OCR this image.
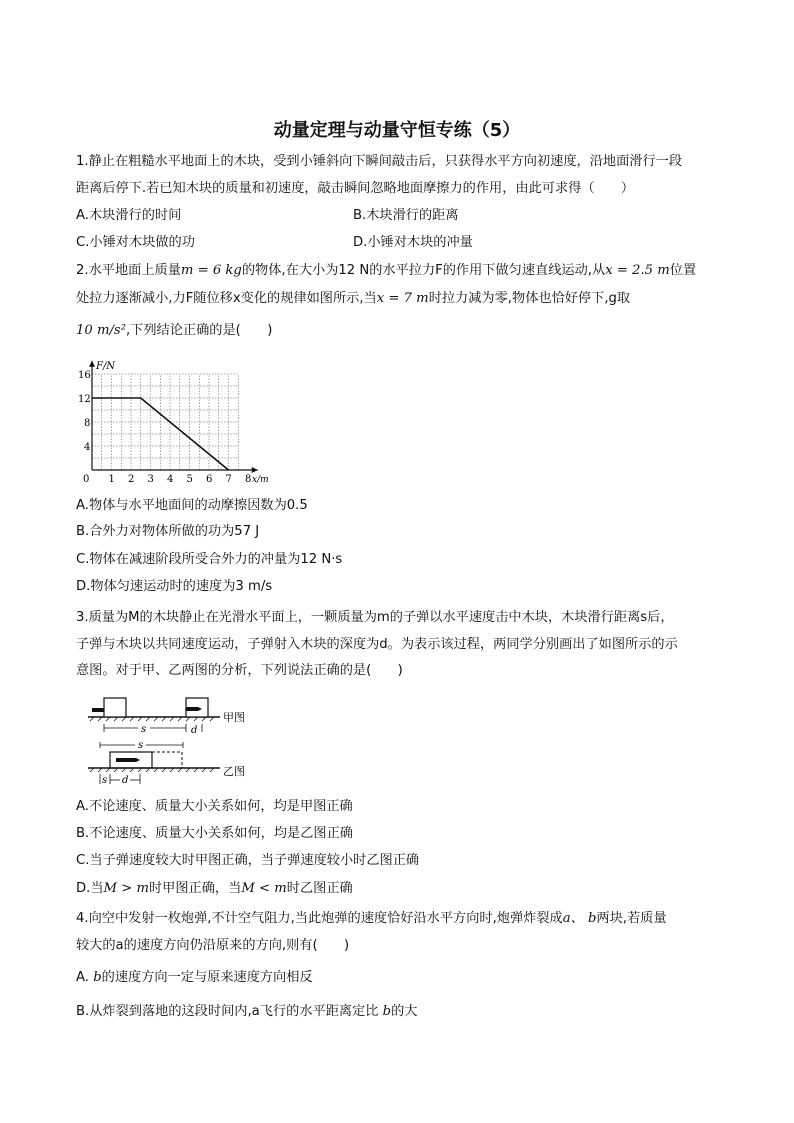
动量定理与动量守恒专练（5）
1.静止在粗糙水平地面上的木块，受到小锤斜向下瞬间敲击后，只获得水平方向初速度，沿地面滑行一段
距离后停下.若已知木块的质量和初速度，敲击瞬间忽略地面摩擦力的作用，由此可求得（　　）
A.木块滑行的时间	B.木块滑行的距离
C.小锤对木块做的功	D.小锤对木块的冲量
2.水平地面上质量m = 6 kg的物体,在大小为12 N的水平拉力F的作用下做匀速直线运动,从x = 2.5 m位置
处拉力逐渐减小,力F随位移x变化的规律如图所示,当x = 7 m时拉力减为零,物体也恰好停下,g取
10 m/s²,下列结论正确的是(　　)
0 1 2 3 4 5 6 7 8
4
8
12
16
F/N
x/m
A.物体与水平地面间的动摩擦因数为0.5
B.合外力对物体所做的功为57 J
C.物体在减速阶段所受合外力的冲量为12 N·s
D.物体匀速运动时的速度为3 m/s
3.质量为M的木块静止在光滑水平面上，一颗质量为m的子弹以水平速度击中木块，木块滑行距离s后，
子弹与木块以共同速度运动，子弹射入木块的深度为d。为表示该过程，两同学分别画出了如图所示的示
意图。对于甲、乙两图的分析，下列说法正确的是(　　)
s	d
甲图
s
s d
乙图
A.不论速度、质量大小关系如何，均是甲图正确
B.不论速度、质量大小关系如何，均是乙图正确
C.当子弹速度较大时甲图正确，当子弹速度较小时乙图正确
D.当M > m时甲图正确，当M < m时乙图正确
4.向空中发射一枚炮弹,不计空气阻力,当此炮弹的速度恰好沿水平方向时,炮弹炸裂成a、 b两块,若质量
较大的a的速度方向仍沿原来的方向,则有(　　)
A. b的速度方向一定与原来速度方向相反
B.从炸裂到落地的这段时间内,a飞行的水平距离定比 b的大
